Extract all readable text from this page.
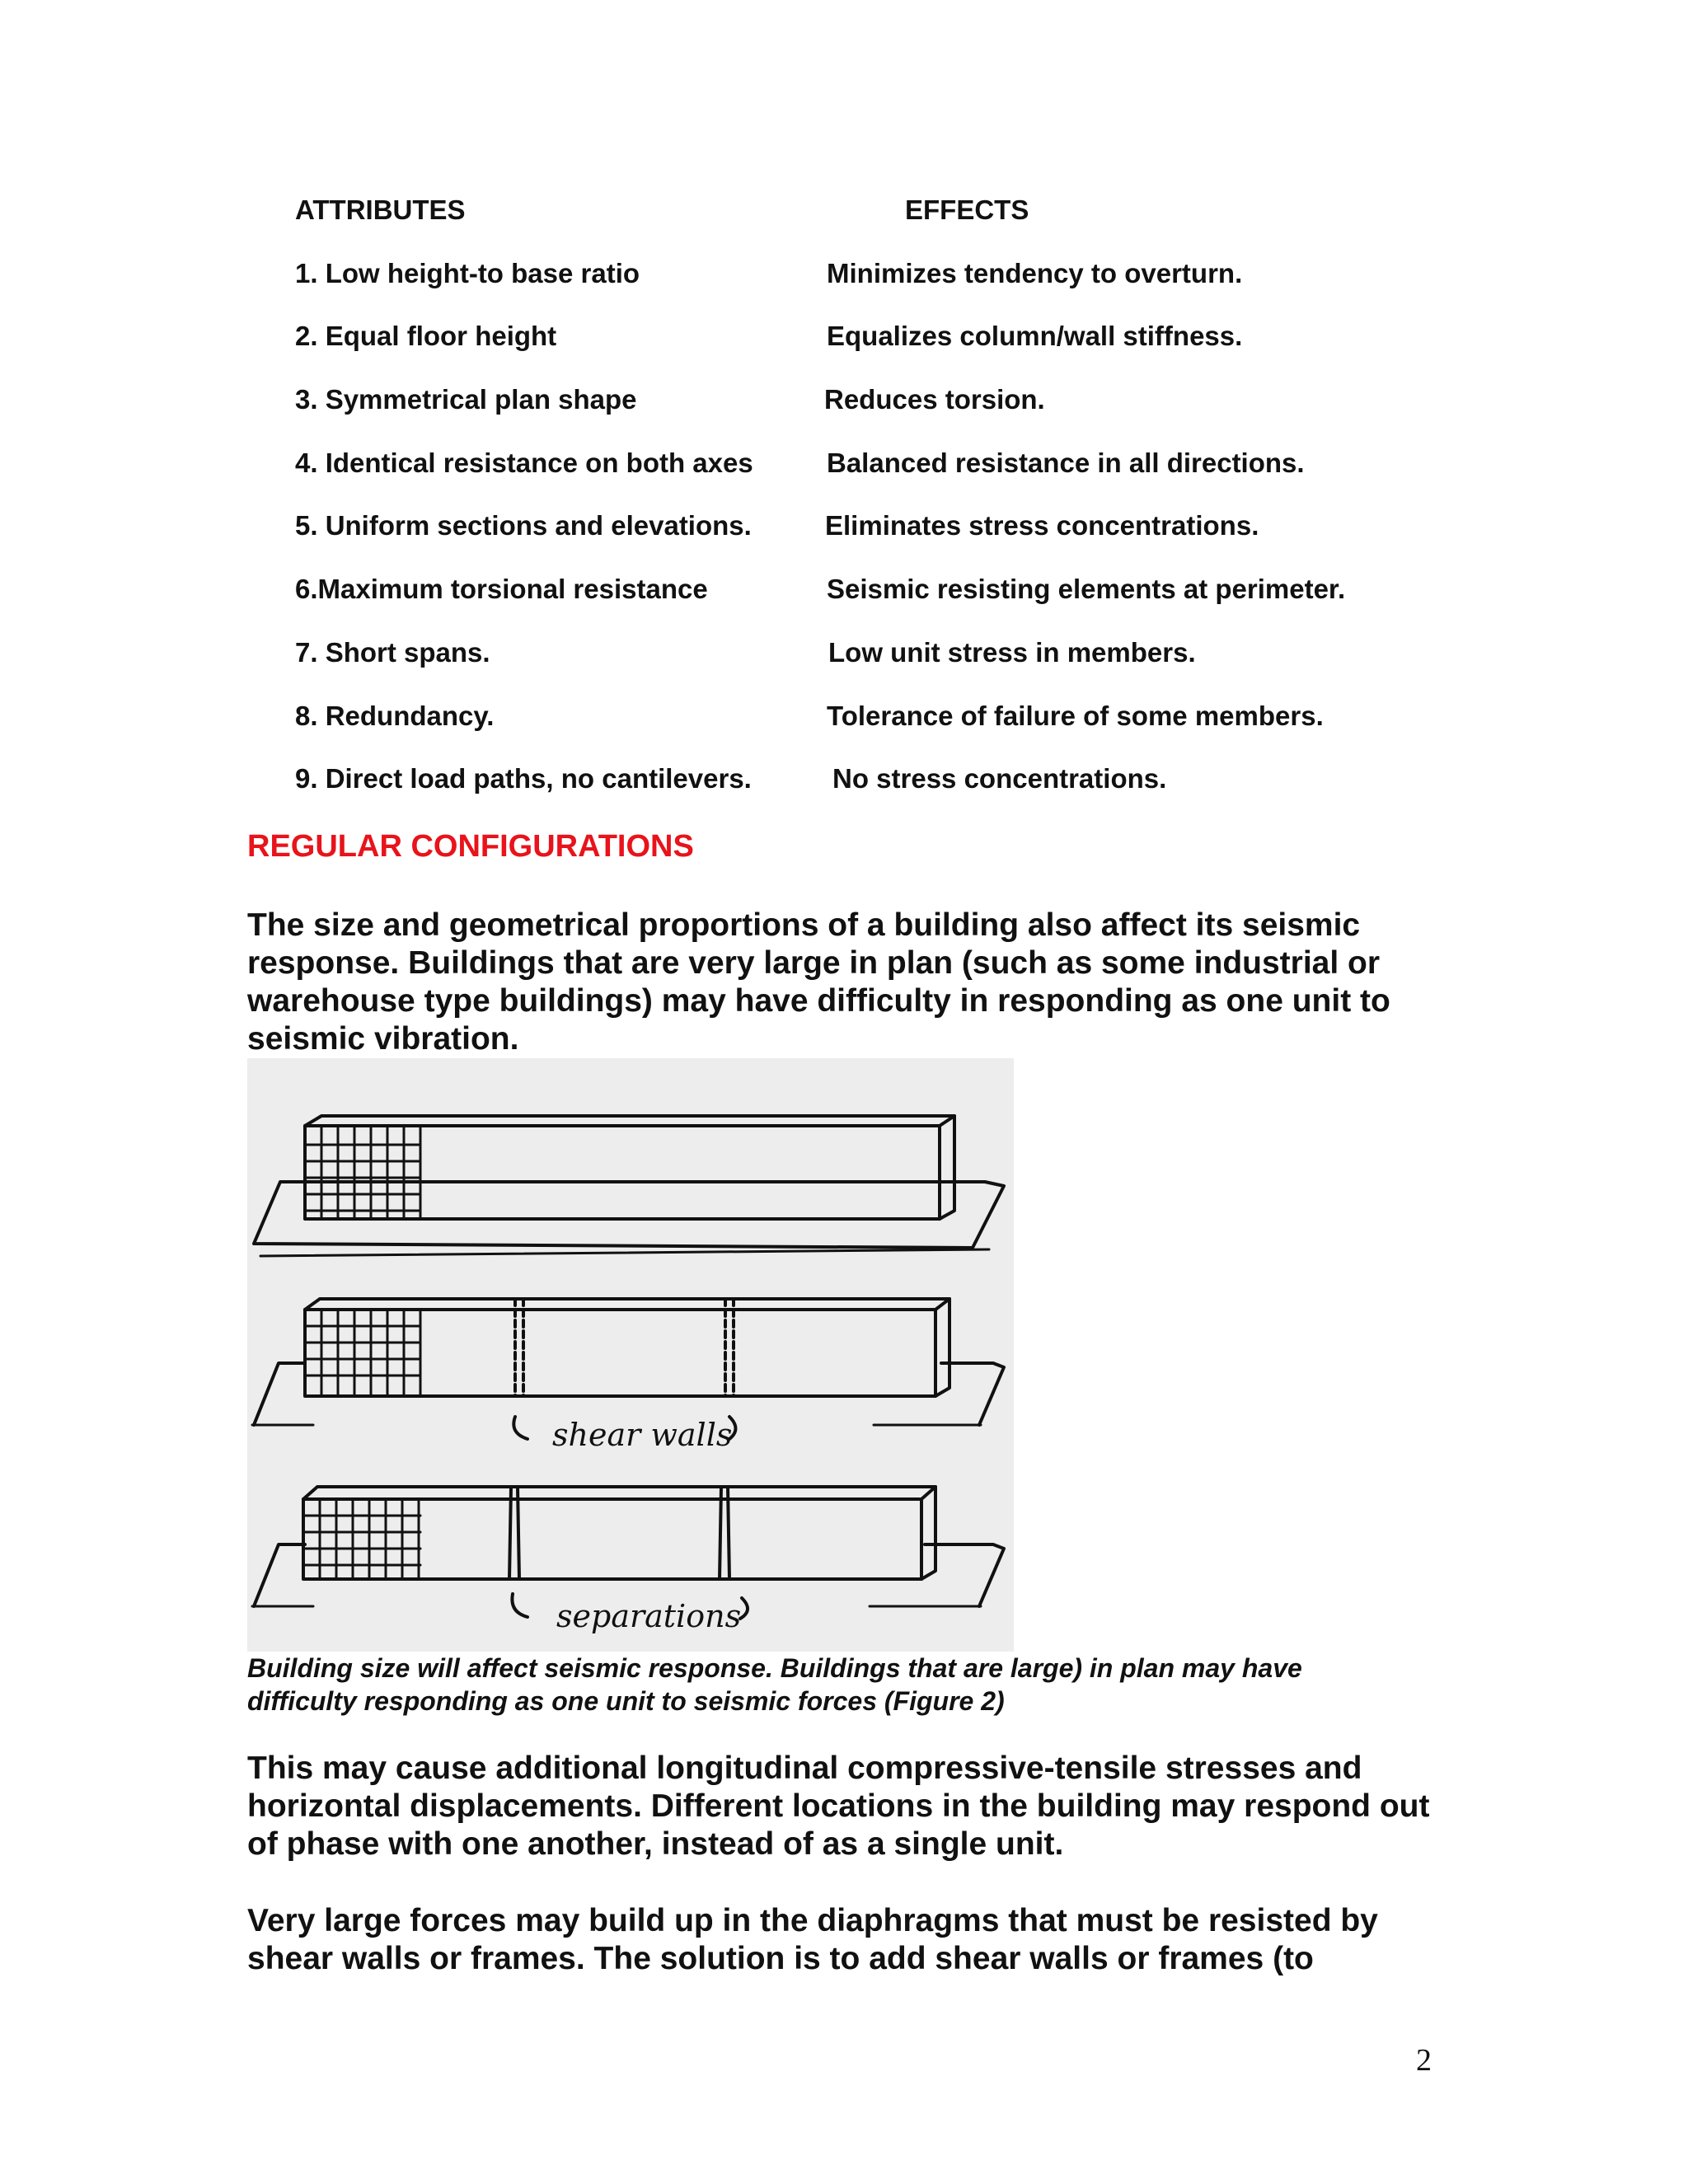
ATTRIBUTES	EFFECTS
1. Low height-to base ratio	Minimizes tendency to overturn.
2. Equal floor height	Equalizes column/wall stiffness.
3. Symmetrical plan shape	Reduces torsion.
4. Identical resistance on both axes	Balanced resistance in all directions.
5. Uniform sections and elevations.	Eliminates stress concentrations.
6.Maximum torsional resistance	Seismic resisting elements at perimeter.
7. Short spans.	Low unit stress in members.
8. Redundancy.	Tolerance of failure of some members.
9. Direct load paths, no cantilevers.	No stress concentrations.
REGULAR CONFIGURATIONS

The size and geometrical proportions of a building also affect its seismic response. Buildings that are very large in plan (such as some industrial or warehouse type buildings) may have difficulty in responding as one unit to seismic vibration.

shear walls
separations

Building size will affect seismic response. Buildings that are large) in plan may have difficulty responding as one unit to seismic forces (Figure 2)

This may cause additional longitudinal compressive-tensile stresses and horizontal displacements. Different locations in the building may respond out of phase with one another, instead of as a single unit.

Very large forces may build up in the diaphragms that must be resisted by shear walls or frames. The solution is to add shear walls or frames (to

2
